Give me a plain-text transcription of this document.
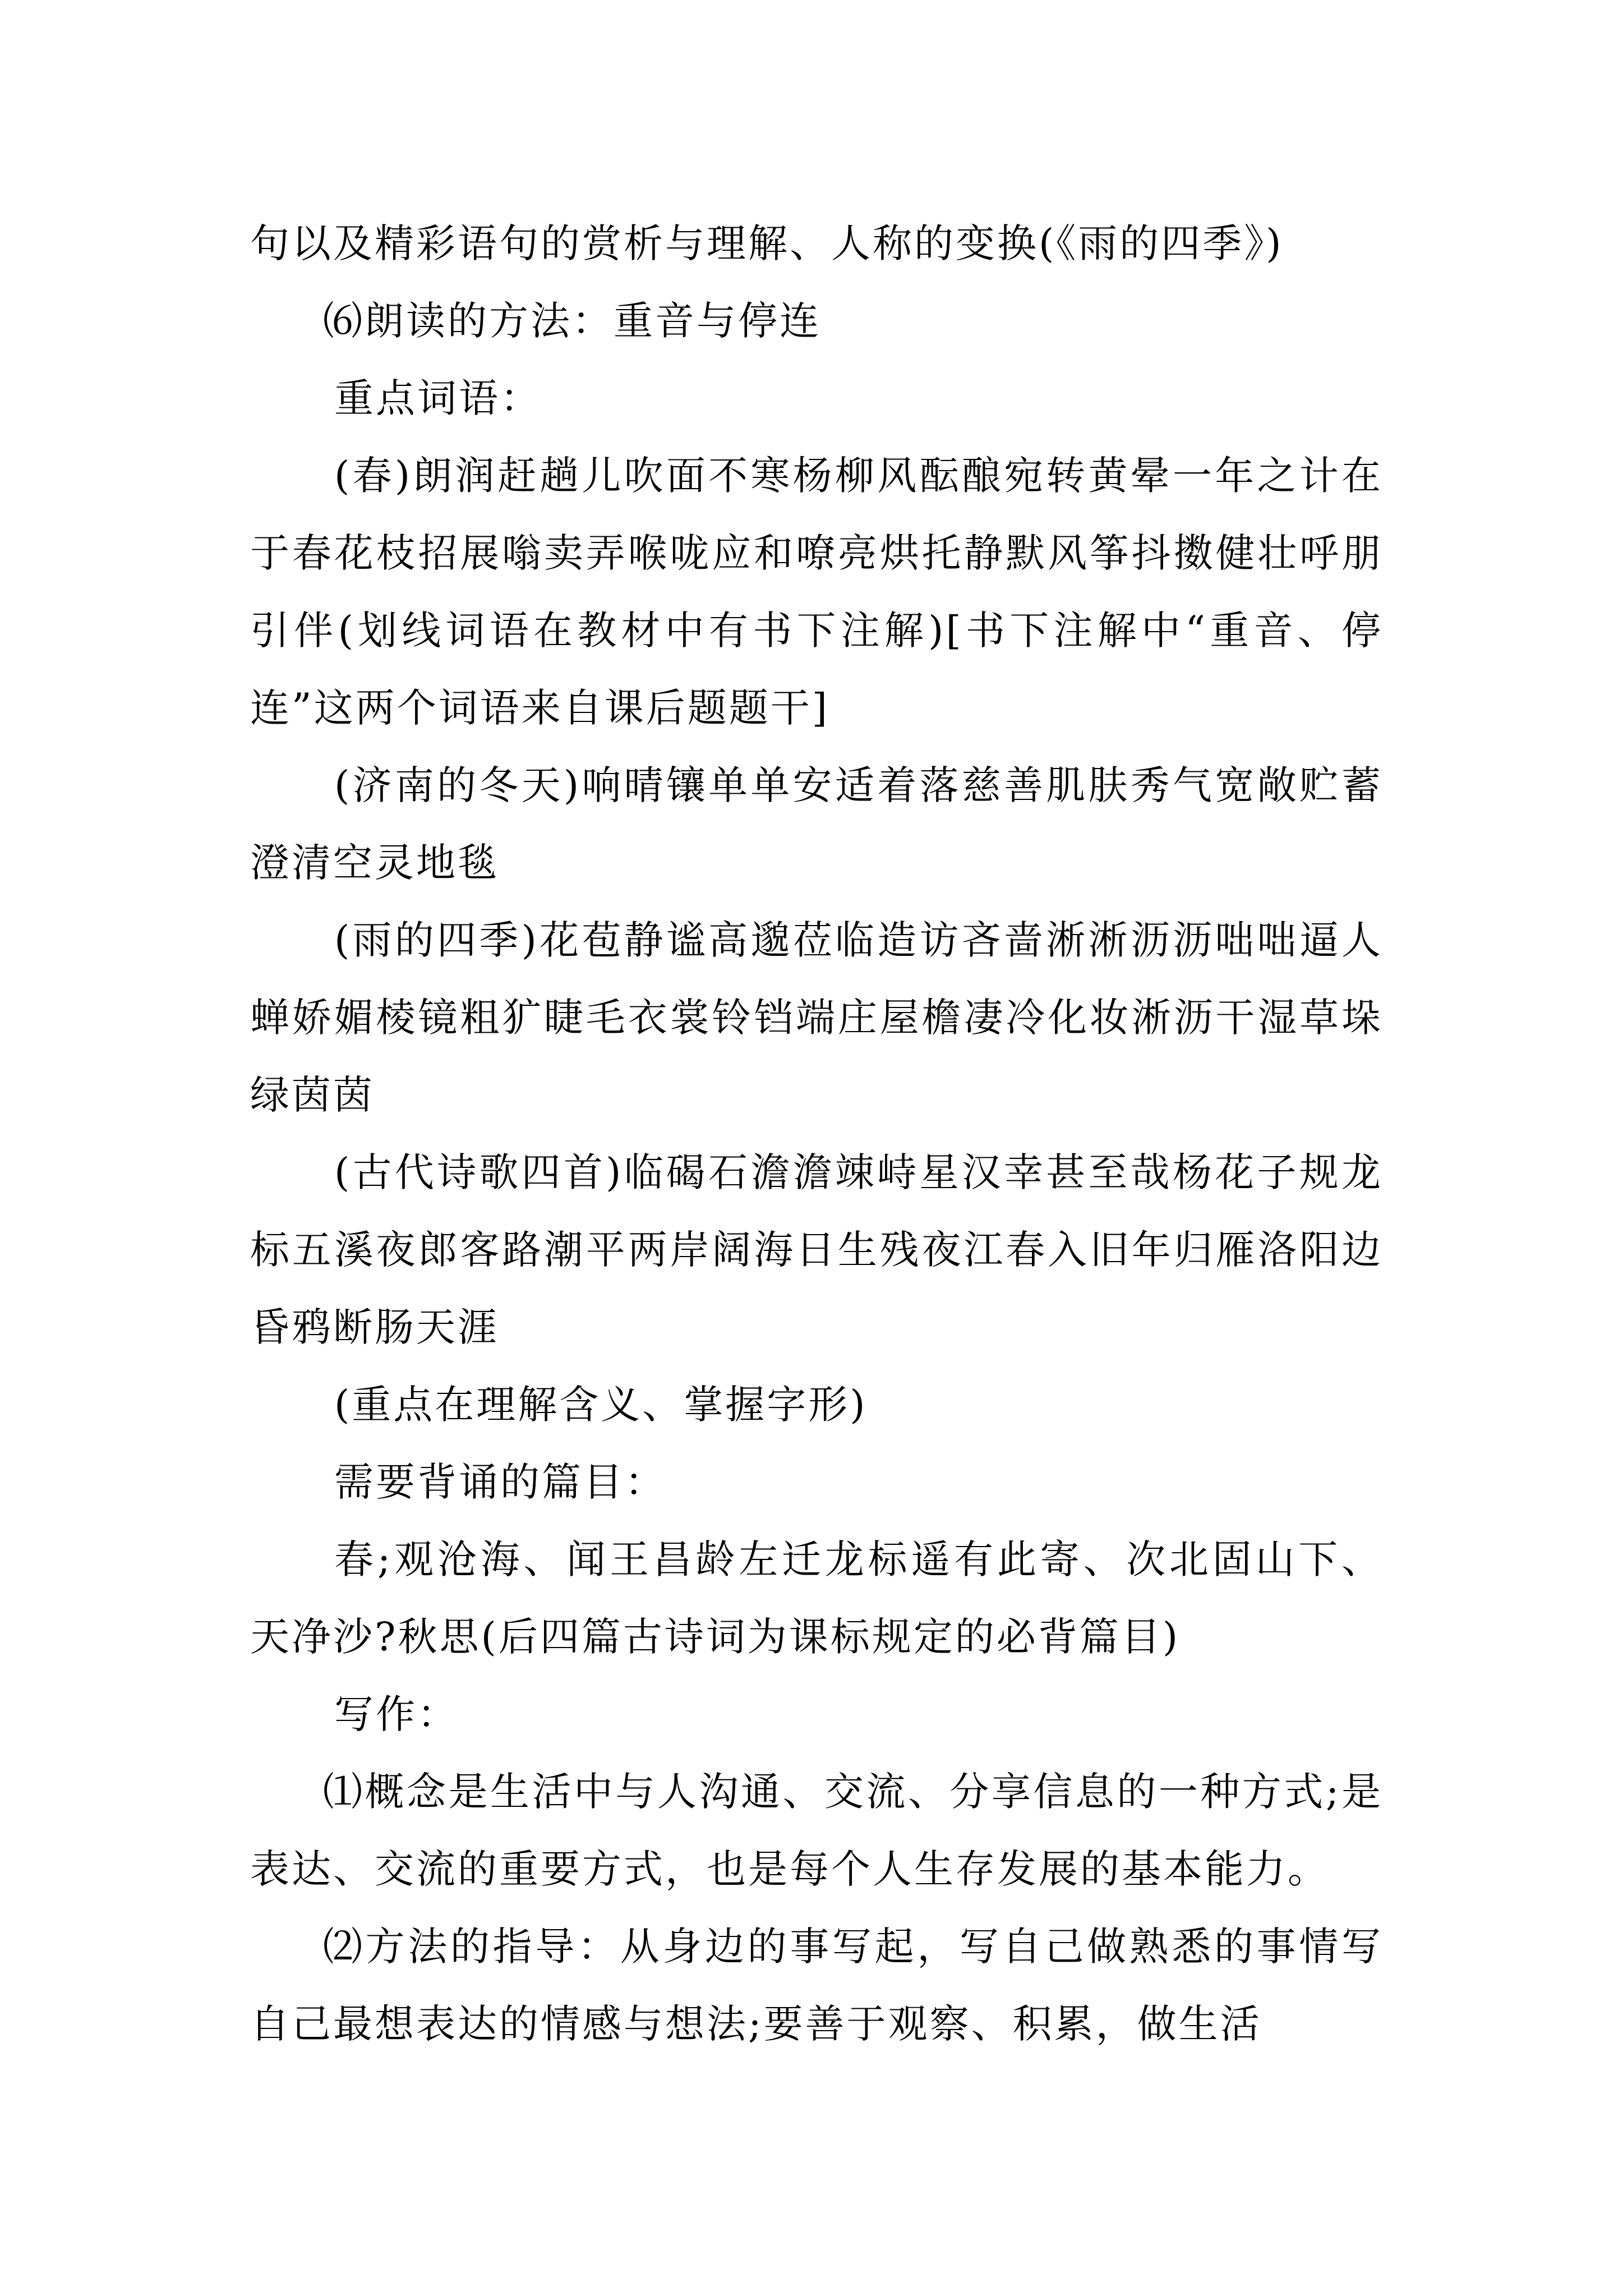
句以及精彩语句的赏析与理解、人称的变换(《雨的四季》)

⑹朗读的方法：重音与停连

重点词语：

(春)朗润赶趟儿吹面不寒杨柳风酝酿宛转黄晕一年之计在于春花枝招展嗡卖弄喉咙应和嘹亮烘托静默风筝抖擞健壮呼朋引伴(划线词语在教材中有书下注解)[书下注解中“重音、停连”这两个词语来自课后题题干]

(济南的冬天)响晴镶单单安适着落慈善肌肤秀气宽敞贮蓄澄清空灵地毯

(雨的四季)花苞静谧高邈莅临造访吝啬淅淅沥沥咄咄逼人蝉娇媚棱镜粗犷睫毛衣裳铃铛端庄屋檐凄冷化妆淅沥干湿草垛绿茵茵

(古代诗歌四首)临碣石澹澹竦峙星汉幸甚至哉杨花子规龙标五溪夜郎客路潮平两岸阔海日生残夜江春入旧年归雁洛阳边昏鸦断肠天涯

(重点在理解含义、掌握字形)

需要背诵的篇目：

春;观沧海、闻王昌龄左迁龙标遥有此寄、次北固山下、天净沙?秋思(后四篇古诗词为课标规定的必背篇目)

写作：

⑴概念是生活中与人沟通、交流、分享信息的一种方式;是表达、交流的重要方式，也是每个人生存发展的基本能力。

⑵方法的指导：从身边的事写起，写自己做熟悉的事情写自己最想表达的情感与想法;要善于观察、积累，做生活
